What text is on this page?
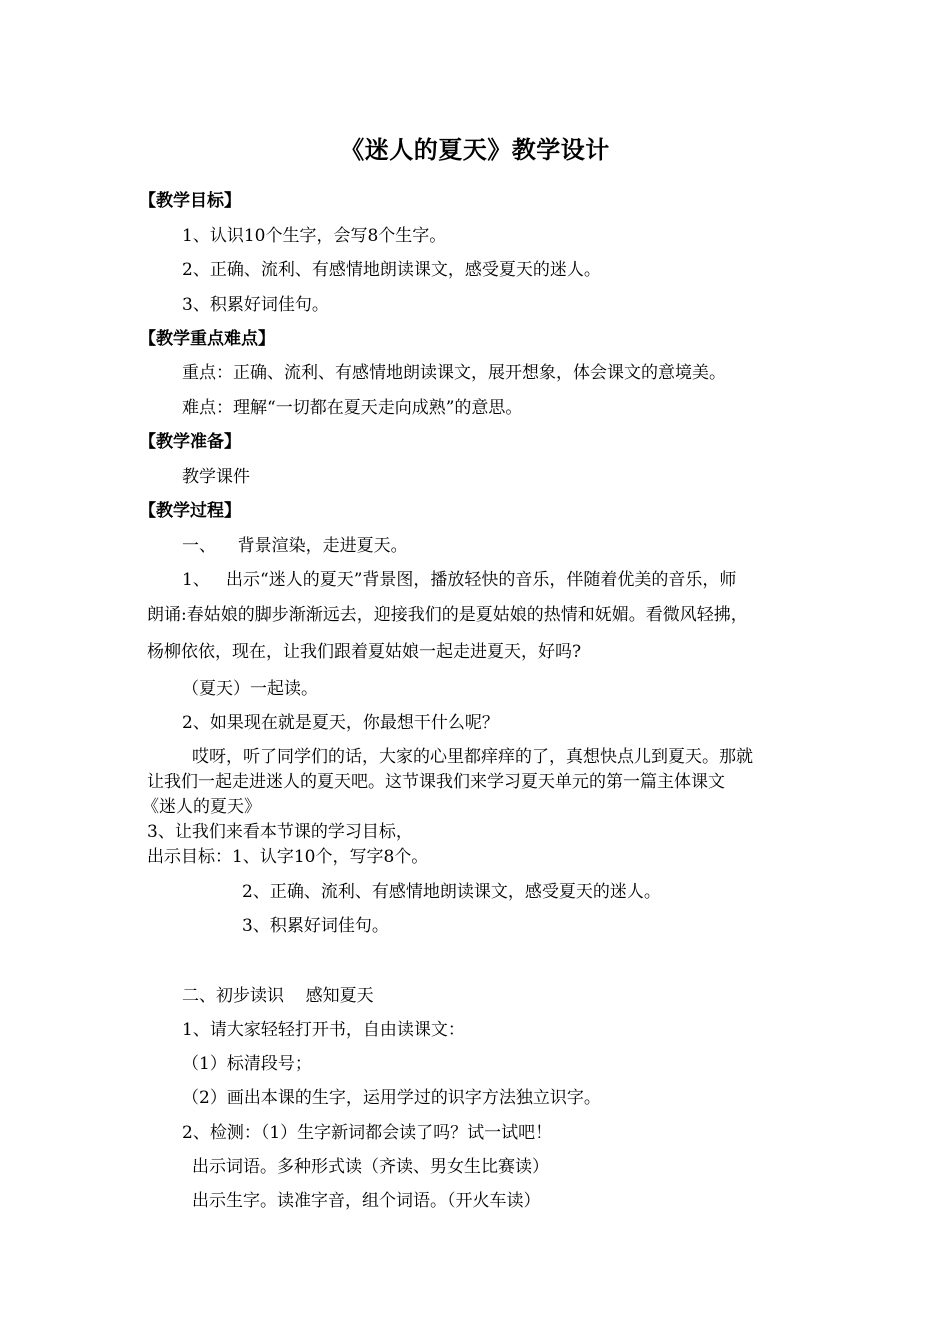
《迷人的夏天》教学设计
【教学目标】
1、认识10个生字，会写8个生字。
2、正确、流利、有感情地朗读课文，感受夏天的迷人。
3、积累好词佳句。
【教学重点难点】
重点：正确、流利、有感情地朗读课文，展开想象，体会课文的意境美。
难点：理解“一切都在夏天走向成熟”的意思。
【教学准备】
教学课件
【教学过程】
一、    背景渲染，走进夏天。
1、   出示“迷人的夏天”背景图，播放轻快的音乐，伴随着优美的音乐，师
朗诵:春姑娘的脚步渐渐远去，迎接我们的是夏姑娘的热情和妩媚。看微风轻拂，
杨柳依依，现在，让我们跟着夏姑娘一起走进夏天，好吗?
（夏天）一起读。
2、如果现在就是夏天，你最想干什么呢？
哎呀，听了同学们的话，大家的心里都痒痒的了，真想快点儿到夏天。那就
让我们一起走进迷人的夏天吧。这节课我们来学习夏天单元的第一篇主体课文
《迷人的夏天》
3、让我们来看本节课的学习目标，
出示目标：1、认字10个，写字8个。
2、正确、流利、有感情地朗读课文，感受夏天的迷人。
3、积累好词佳句。
二、初步读识    感知夏天
1、请大家轻轻打开书，自由读课文：
（1）标清段号；
（2）画出本课的生字，运用学过的识字方法独立识字。
2、检测：（1）生字新词都会读了吗？试一试吧！
出示词语。多种形式读（齐读、男女生比赛读）
出示生字。读准字音，组个词语。（开火车读）
